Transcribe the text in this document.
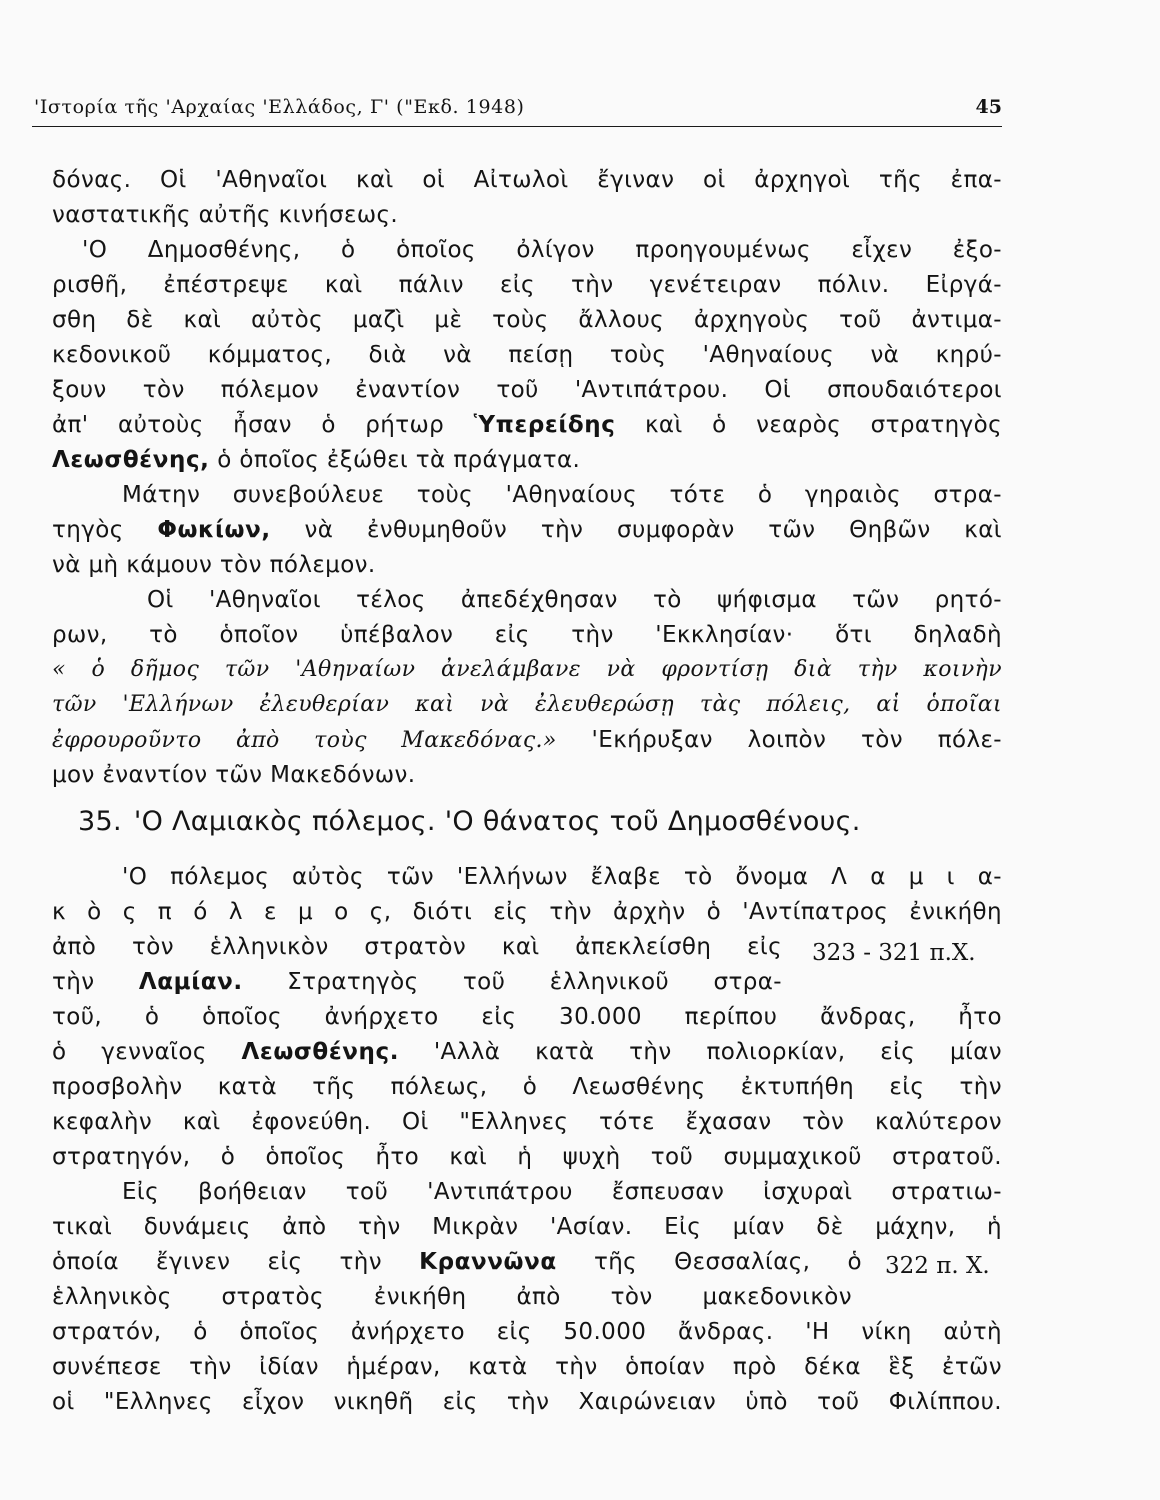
'Ιστορία τῆς 'Αρχαίας 'Ελλάδος, Γ' ("Εκδ. 1948)	45
δόνας. Οἱ 'Αθηναῖοι καὶ οἱ Αἰτωλοὶ ἔγιναν οἱ ἀρχηγοὶ τῆς ἐπα-
ναστατικῆς αὐτῆς κινήσεως.
'Ο Δημοσθένης, ὁ ὁποῖος ὀλίγον προηγουμένως εἶχεν ἐξο-
ρισθῆ, ἐπέστρεψε καὶ πάλιν εἰς τὴν γενέτειραν πόλιν. Εἰργά-
σθη δὲ καὶ αὐτὸς μαζὶ μὲ τοὺς ἄλλους ἀρχηγοὺς τοῦ ἀντιμα-
κεδονικοῦ κόμματος, διὰ νὰ πείσῃ τοὺς 'Αθηναίους νὰ κηρύ-
ξουν τὸν πόλεμον ἐναντίον τοῦ 'Αντιπάτρου. Οἱ σπουδαιότεροι
ἀπ' αὐτοὺς ἦσαν ὁ ρήτωρ Ὑπερείδης καὶ ὁ νεαρὸς στρατηγὸς
Λεωσθένης, ὁ ὁποῖος ἐξώθει τὰ πράγματα.
Μάτην συνεβούλευε τοὺς 'Αθηναίους τότε ὁ γηραιὸς στρα-
τηγὸς Φωκίων, νὰ ἐνθυμηθοῦν τὴν συμφορὰν τῶν Θηβῶν καὶ
νὰ μὴ κάμουν τὸν πόλεμον.
Οἱ 'Αθηναῖοι τέλος ἀπεδέχθησαν τὸ ψήφισμα τῶν ρητό-
ρων, τὸ ὁποῖον ὑπέβαλον εἰς τὴν 'Εκκλησίαν· ὅτι δηλαδὴ
« ὁ δῆμος τῶν 'Αθηναίων ἀνελάμβανε νὰ φροντίσῃ διὰ τὴν κοινὴν
τῶν 'Ελλήνων ἐλευθερίαν καὶ νὰ ἐλευθερώσῃ τὰς πόλεις, αἱ ὁποῖαι
ἐφρουροῦντο ἀπὸ τοὺς Μακεδόνας.» 'Εκήρυξαν λοιπὸν τὸν πόλε-
μον ἐναντίον τῶν Μακεδόνων.
35. 'Ο Λαμιακὸς πόλεμος. 'Ο θάνατος τοῦ Δημοσθένους.
'Ο πόλεμος αὐτὸς τῶν 'Ελλήνων ἔλαβε τὸ ὄνομα Λ α μ ι α-
κ ὸ ς π ό λ ε μ ο ς, διότι εἰς τὴν ἀρχὴν ὁ 'Αντίπατρος ἐνικήθη
ἀπὸ τὸν ἑλληνικὸν στρατὸν καὶ ἀπεκλείσθη εἰς
τὴν Λαμίαν. Στρατηγὸς τοῦ ἑλληνικοῦ στρα-
τοῦ, ὁ ὁποῖος ἀνήρχετο εἰς 30.000 περίπου ἄνδρας, ἦτο
ὁ γενναῖος Λεωσθένης. 'Αλλὰ κατὰ τὴν πολιορκίαν, εἰς μίαν
προσβολὴν κατὰ τῆς πόλεως, ὁ Λεωσθένης ἐκτυπήθη εἰς τὴν
κεφαλὴν καὶ ἐφονεύθη. Οἱ "Ελληνες τότε ἔχασαν τὸν καλύτερον
στρατηγόν, ὁ ὁποῖος ἦτο καὶ ἡ ψυχὴ τοῦ συμμαχικοῦ στρατοῦ.
Εἰς βοήθειαν τοῦ 'Αντιπάτρου ἔσπευσαν ἰσχυραὶ στρατιω-
τικαὶ δυνάμεις ἀπὸ τὴν Μικρὰν 'Ασίαν. Εἰς μίαν δὲ μάχην, ἡ
ὁποία ἔγινεν εἰς τὴν Κραννῶνα τῆς Θεσσαλίας, ὁ
ἑλληνικὸς στρατὸς ἐνικήθη ἀπὸ τὸν μακεδονικὸν
στρατόν, ὁ ὁποῖος ἀνήρχετο εἰς 50.000 ἄνδρας. 'Η νίκη αὐτὴ
συνέπεσε τὴν ἰδίαν ἡμέραν, κατὰ τὴν ὁποίαν πρὸ δέκα ἓξ ἐτῶν
οἱ "Ελληνες εἶχον νικηθῆ εἰς τὴν Χαιρώνειαν ὑπὸ τοῦ Φιλίππου.
323 - 321 π.Χ.
322 π. Χ.
